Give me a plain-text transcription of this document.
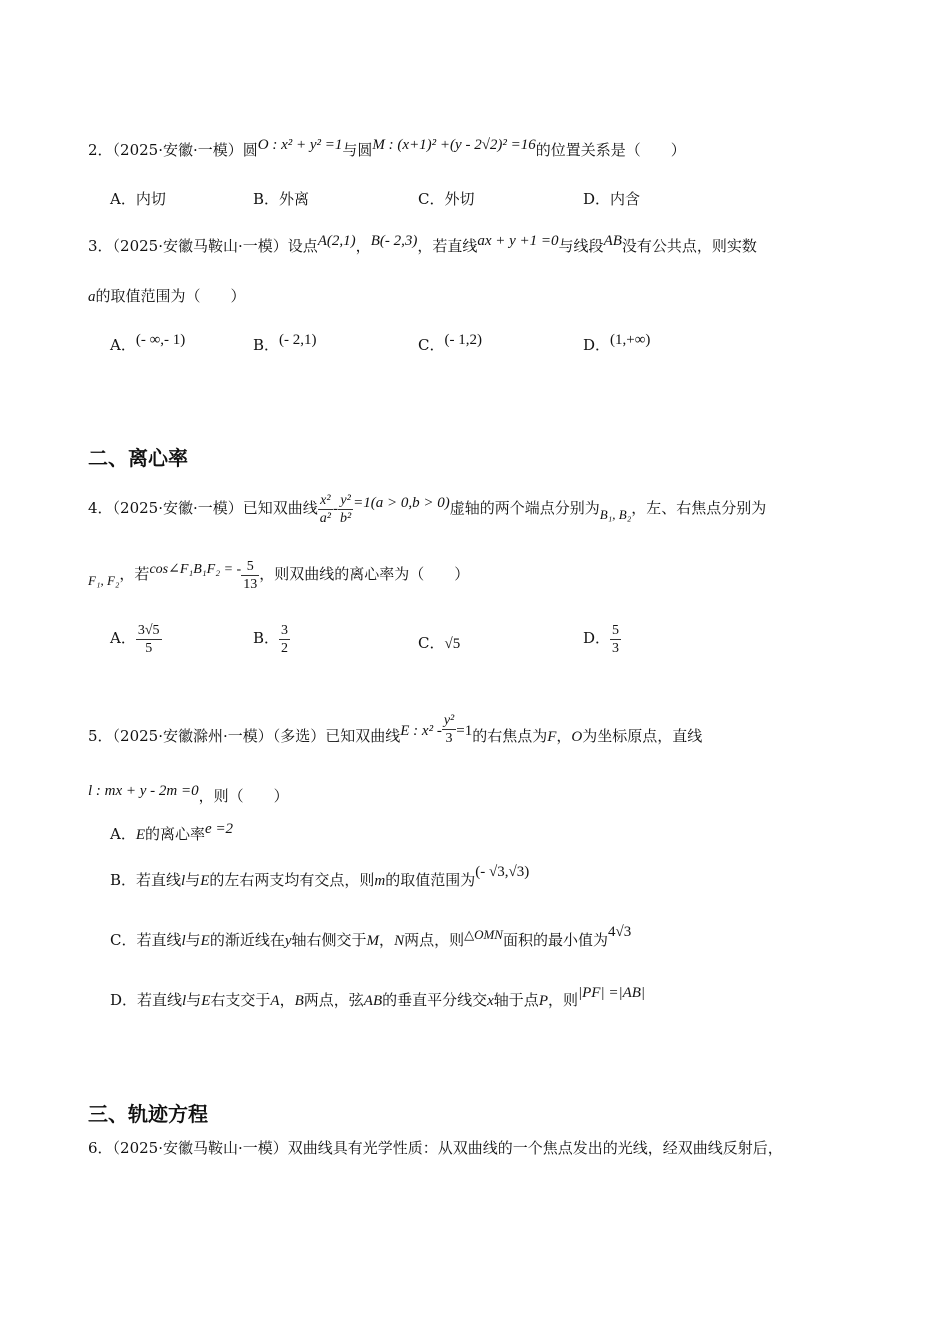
2．（2025·安徽·一模）圆O : x² + y² =1与圆M : (x+1)² +(y - 2√2)² =16的位置关系是（　　）
A．内切	B．外离	C．外切	D．内含
3．（2025·安徽马鞍山·一模）设点A(2,1)，B(- 2,3)，若直线ax + y +1 =0与线段AB没有公共点，则实数
a的取值范围为（　　）
A．(- ∞,- 1)	B．(- 2,1)	C．(- 1,2)	D．(1,+∞)
二、离心率
4．（2025·安徽·一模）已知双曲线 $\frac{\text{x²}}{\text{a²}} - \frac{\text{y²}}{\text{b²}} =1(a > 0,b > 0)$虚轴的两个端点分别为B₁, B₂，左、右焦点分别为
F₁, F₂，若cos∠F₁B₁F₂ = - $\frac{5}{13}$ ，则双曲线的离心率为（　　）
A． $\frac{3√5}{5}$	B． $\frac{3}{2}$	C．√5	D． $\frac{5}{3}$
5．（2025·安徽滁州·一模）（多选）已知双曲线E : $x^2 - \frac{\text{y²}}{3} =1$的右焦点为F，O为坐标原点，直线
l : mx + y - 2m =0，则（　　）
A．E的离心率e =2
B．若直线l与E的左右两支均有交点，则m的取值范围为(- √3,√3)
C．若直线l与E的渐近线在y轴右侧交于M，N两点，则△OMN面积的最小值为4√3
D．若直线l与E右支交于A，B两点，弦AB的垂直平分线交x轴于点P，则|PF| =|AB|
三、轨迹方程
6．（2025·安徽马鞍山·一模）双曲线具有光学性质：从双曲线的一个焦点发出的光线，经双曲线反射后，
